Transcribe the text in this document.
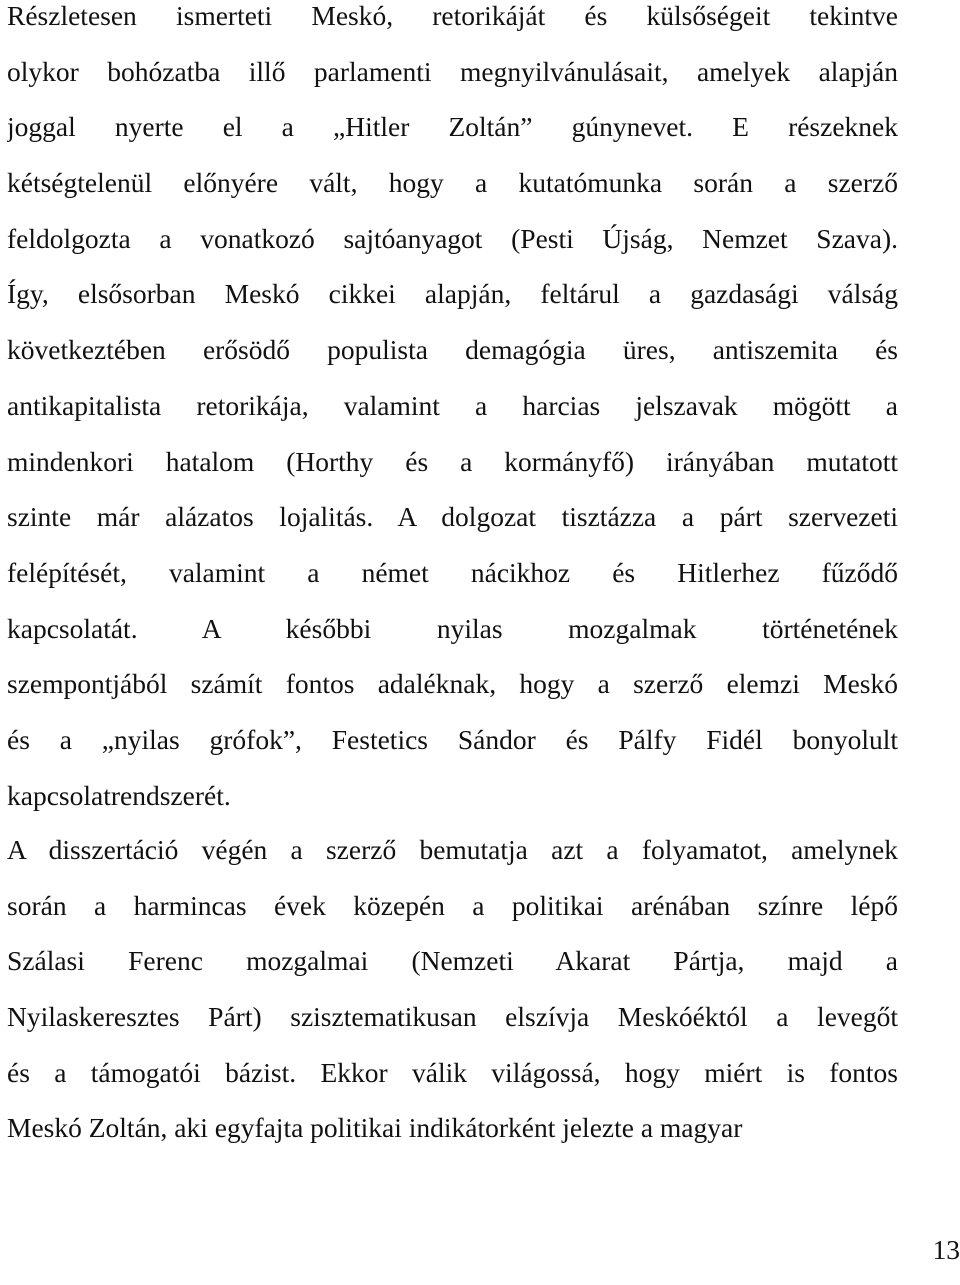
Részletesen ismerteti Meskó, retorikáját és külsőségeit tekintve
olykor bohózatba illő parlamenti megnyilvánulásait, amelyek alapján
joggal nyerte el a „Hitler Zoltán” gúnynevet. E részeknek
kétségtelenül előnyére vált, hogy a kutatómunka során a szerző
feldolgozta a vonatkozó sajtóanyagot (Pesti Újság, Nemzet Szava).
Így, elsősorban Meskó cikkei alapján, feltárul a gazdasági válság
következtében erősödő populista demagógia üres, antiszemita és
antikapitalista retorikája, valamint a harcias jelszavak mögött a
mindenkori hatalom (Horthy és a kormányfő) irányában mutatott
szinte már alázatos lojalitás. A dolgozat tisztázza a párt szervezeti
felépítését, valamint a német nácikhoz és Hitlerhez fűződő
kapcsolatát. A későbbi nyilas mozgalmak történetének
szempontjából számít fontos adaléknak, hogy a szerző elemzi Meskó
és a „nyilas grófok”, Festetics Sándor és Pálfy Fidél bonyolult
kapcsolatrendszerét.
A disszertáció végén a szerző bemutatja azt a folyamatot, amelynek
során a harmincas évek közepén a politikai arénában színre lépő
Szálasi Ferenc mozgalmai (Nemzeti Akarat Pártja, majd a
Nyilaskeresztes Párt) szisztematikusan elszívja Meskóéktól a levegőt
és a támogatói bázist. Ekkor válik világossá, hogy miért is fontos
Meskó Zoltán, aki egyfajta politikai indikátorként jelezte a magyar
13
